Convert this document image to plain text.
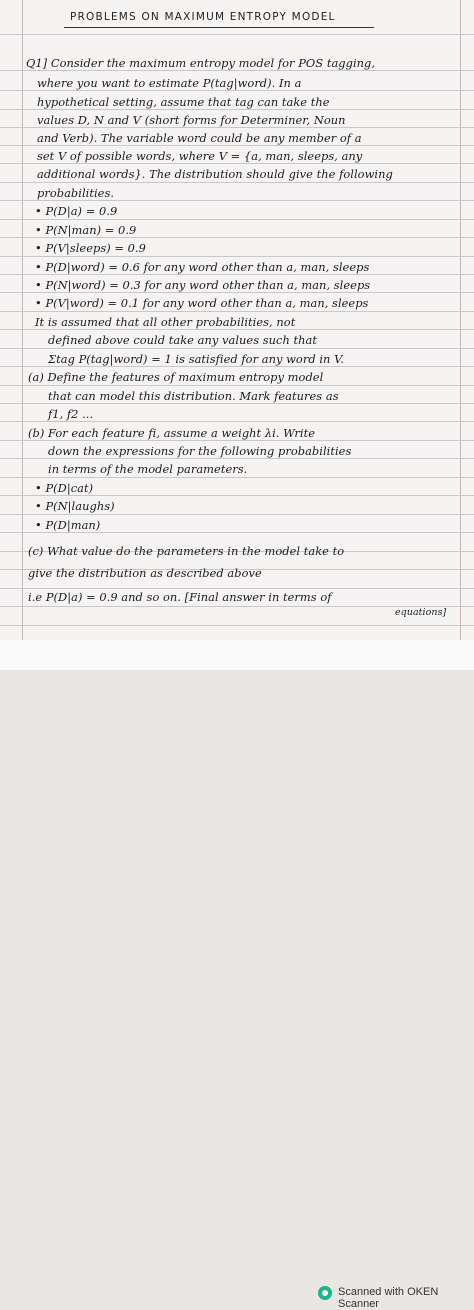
PROBLEMS ON MAXIMUM ENTROPY MODEL
Q1] Consider the maximum entropy model for POS tagging,
where you want to estimate P(tag|word). In a
hypothetical setting, assume that tag can take the
values D, N and V (short forms for Determiner, Noun
and Verb). The variable word could be any member of a
set V of possible words, where V = {a, man, sleeps, any
additional words}. The distribution should give the following
probabilities.
• P(D|a) = 0.9
• P(N|man) = 0.9
• P(V|sleeps) = 0.9
• P(D|word) = 0.6 for any word other than a, man, sleeps
• P(N|word) = 0.3 for any word other than a, man, sleeps
• P(V|word) = 0.1 for any word other than a, man, sleeps
It is assumed that all other probabilities, not
defined above could take any values such that
Σtag P(tag|word) = 1 is satisfied for any word in V.
(a) Define the features of maximum entropy model
that can model this distribution. Mark features as
f1, f2 ...
(b) For each feature fi, assume a weight λi. Write
down the expressions for the following probabilities
in terms of the model parameters.
• P(D|cat)
• P(N|laughs)
• P(D|man)
(c) What value do the parameters in the model take to
give the distribution as described above
i.e P(D|a) = 0.9 and so on. [Final answer in terms of
equations]
Scanned with OKEN Scanner
